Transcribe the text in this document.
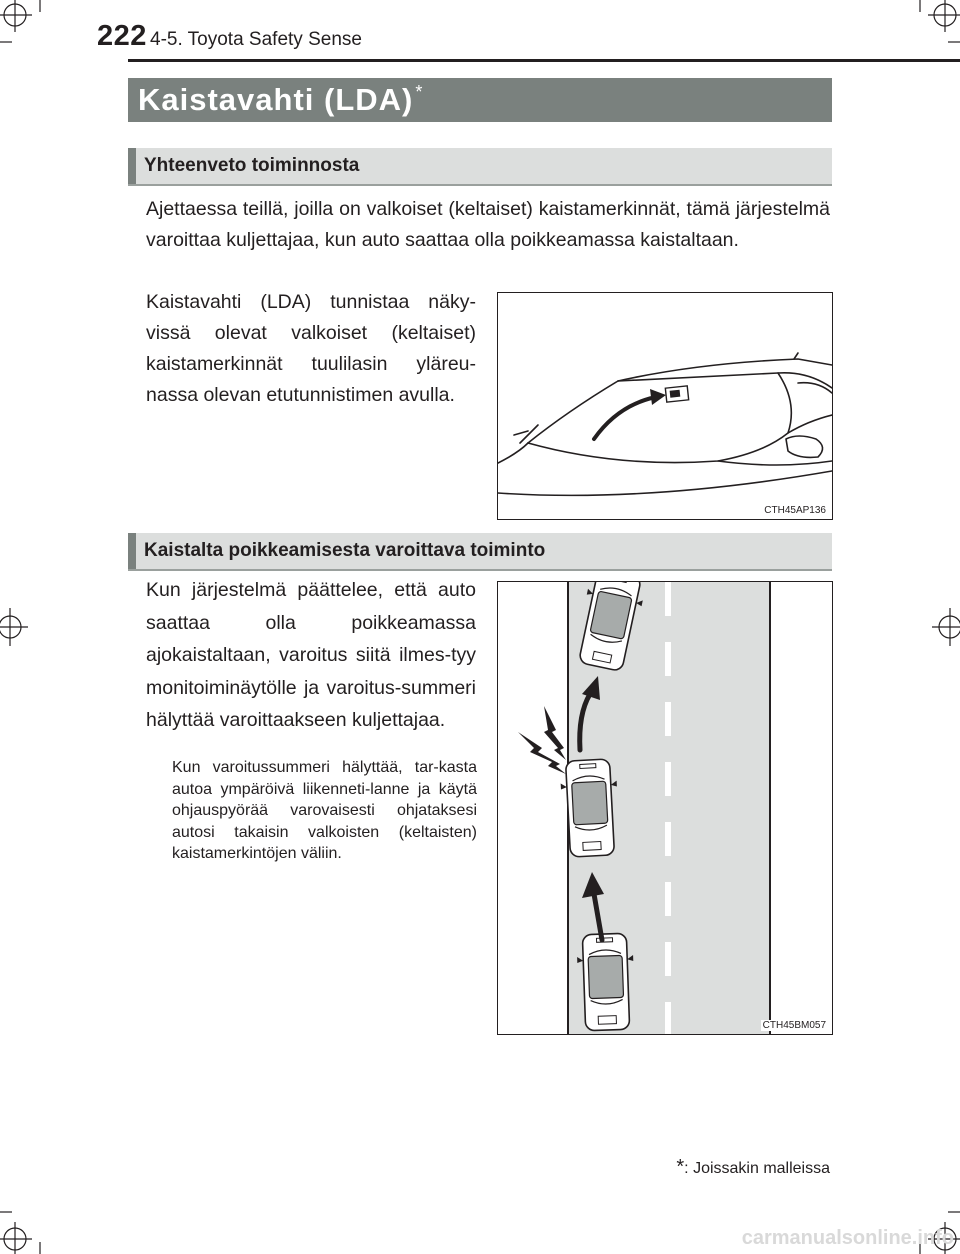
222 4-5. Toyota Safety Sense
Kaistavahti (LDA) *
Yhteenveto toiminnosta

Ajettaessa teillä, joilla on valkoiset (keltaiset) kaistamerkinnät, tämä järjestelmä varoittaa kuljettajaa, kun auto saattaa olla poikkeamassa kaistaltaan.

Kaistavahti (LDA) tunnistaa näky-vissä olevat valkoiset (keltaiset) kaistamerkinnät tuulilasin yläreu-nassa olevan etutunnistimen avulla.

CTH45AP136
Kaistalta poikkeamisesta varoittava toiminto

Kun järjestelmä päättelee, että auto saattaa olla poikkeamassa ajokaistaltaan, varoitus siitä ilmes-tyy monitoiminäytölle ja varoitus-summeri hälyttää varoittaakseen kuljettajaa.

Kun varoitussummeri hälyttää, tar-kasta autoa ympäröivä liikenneti-lanne ja käytä ohjauspyörää varovaisesti ohjataksesi autosi takaisin valkoisten (keltaisten) kaistamerkintöjen väliin.

CTH45BM057
*: Joissakin malleissa
carmanualsonline.info
